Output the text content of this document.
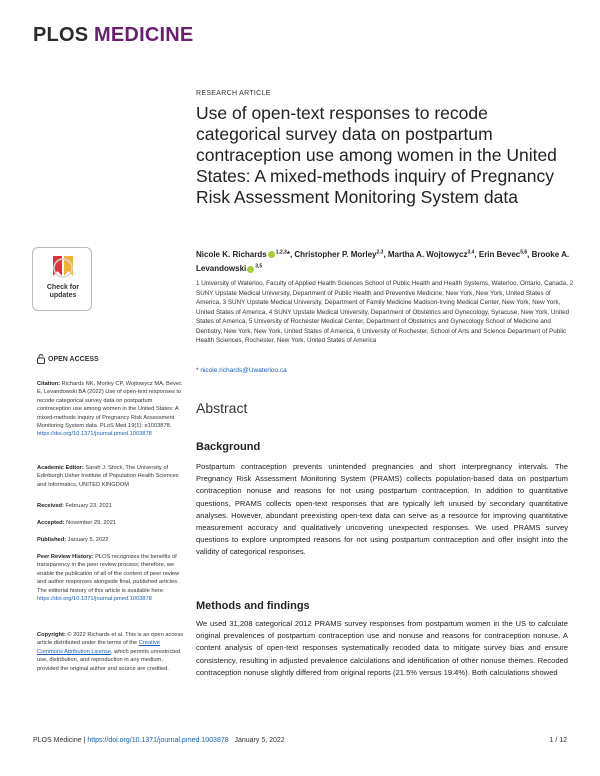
PLOS MEDICINE
Check for
updates
OPEN ACCESS
Citation: Richards NK, Morley CP, Wojtowycz MA, Bevec E, Levandowski BA (2022) Use of open-text responses to recode categorical survey data on postpartum contraception use among women in the United States: A mixed-methods inquiry of Pregnancy Risk Assessment Monitoring System data. PLoS Med 19(1): e1003878. https://doi.org/10.1371/journal.pmed.1003878
Academic Editor: Sarah J. Stock, The University of Edinburgh Usher Institute of Population Health Sciences and Informatics, UNITED KINGDOM
Received: February 23, 2021
Accepted: November 29, 2021
Published: January 5, 2022
Peer Review History: PLOS recognizes the benefits of transparency in the peer review process; therefore, we enable the publication of all of the content of peer review and author responses alongside final, published articles. The editorial history of this article is available here: https://doi.org/10.1371/journal.pmed.1003878
Copyright: © 2022 Richards et al. This is an open access article distributed under the terms of the Creative Commons Attribution License, which permits unrestricted use, distribution, and reproduction in any medium, provided the original author and source are credited.
RESEARCH ARTICLE
Use of open-text responses to recode categorical survey data on postpartum contraception use among women in the United States: A mixed-methods inquiry of Pregnancy Risk Assessment Monitoring System data
Nicole K. Richards $^{1,2,3}$*, Christopher P. Morley$^{2,3}$, Martha A. Wojtowycz$^{3,4}$, Erin Bevec$^{5,6}$, Brooke A. Levandowski $^{3,5}$
1 University of Waterloo, Faculty of Applied Health Sciences School of Public Health and Health Systems, Waterloo, Ontario, Canada, 2 SUNY Upstate Medical University, Department of Public Health and Preventive Medicine, New York, New York, United States of America, 3 SUNY Upstate Medical University, Department of Family Medicine Madison-Irving Medical Center, New York, New York, United States of America, 4 SUNY Upstate Medical University, Department of Obstetrics and Gynecology, Syracuse, New York, United States of America, 5 University of Rochester Medical Center, Department of Obstetrics and Gynecology School of Medicine and Dentistry, New York, New York, United States of America, 6 University of Rochester, School of Arts and Science Department of Public Health Sciences, Rochester, New York, United States of America
* nicole.richards@Uwaterloo.ca
Abstract
Background

Postpartum contraception prevents unintended pregnancies and short interpregnancy intervals. The Pregnancy Risk Assessment Monitoring System (PRAMS) collects population-based data on postpartum contraception nonuse and reasons for not using postpartum contraception. In addition to quantitative questions, PRAMS collects open-text responses that are typically left unused by secondary quantitative analyses. However, abundant preexisting open-text data can serve as a resource for improving quantitative measurement accuracy and qualitatively uncovering unexpected responses. We used PRAMS survey questions to explore unprompted reasons for not using postpartum contraception and offer insight into the validity of categorical responses.

Methods and findings

We used 31,208 categorical 2012 PRAMS survey responses from postpartum women in the US to calculate original prevalences of postpartum contraception use and nonuse and reasons for contraception nonuse. A content analysis of open-text responses systematically recoded data to mitigate survey bias and ensure consistency, resulting in adjusted prevalence calculations and identification of other nonuse themes. Recoded contraception nonuse slightly differed from original reports (21.5% versus 19.4%). Both calculations showed

PLOS Medicine | https://doi.org/10.1371/journal.pmed.1003878 January 5, 2022	1 / 12
